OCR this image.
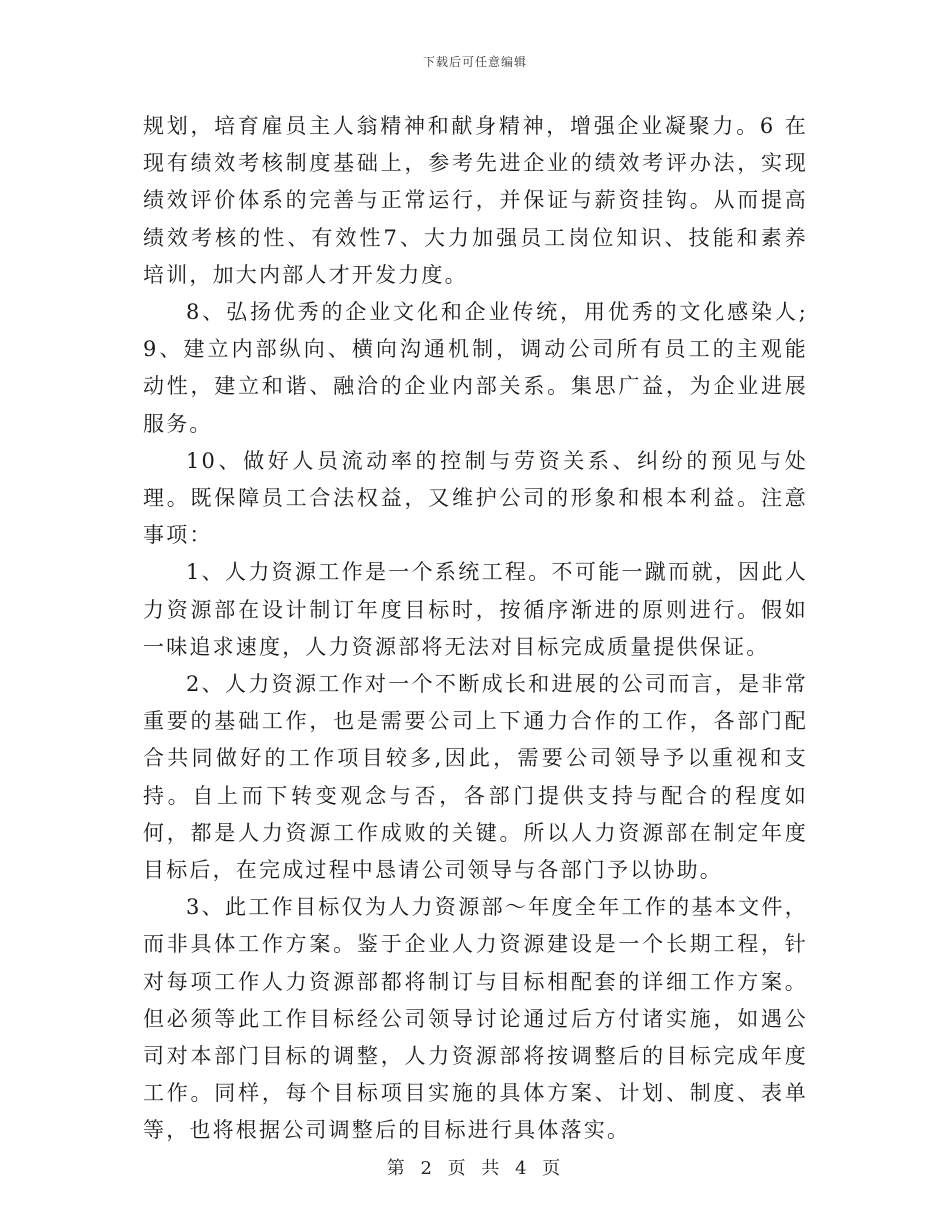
下载后可任意编辑

规划，培育雇员主人翁精神和献身精神，增强企业凝聚力。6 在现有绩效考核制度基础上，参考先进企业的绩效考评办法，实现绩效评价体系的完善与正常运行，并保证与薪资挂钩。从而提高绩效考核的性、有效性7、大力加强员工岗位知识、技能和素养培训，加大内部人才开发力度。

8、弘扬优秀的企业文化和企业传统，用优秀的文化感染人;9、建立内部纵向、横向沟通机制，调动公司所有员工的主观能动性，建立和谐、融洽的企业内部关系。集思广益，为企业进展服务。

10、做好人员流动率的控制与劳资关系、纠纷的预见与处理。既保障员工合法权益，又维护公司的形象和根本利益。注意事项：

1、人力资源工作是一个系统工程。不可能一蹴而就，因此人力资源部在设计制订年度目标时，按循序渐进的原则进行。假如一味追求速度，人力资源部将无法对目标完成质量提供保证。

2、人力资源工作对一个不断成长和进展的公司而言，是非常重要的基础工作，也是需要公司上下通力合作的工作，各部门配合共同做好的工作项目较多,因此，需要公司领导予以重视和支持。自上而下转变观念与否，各部门提供支持与配合的程度如何，都是人力资源工作成败的关键。所以人力资源部在制定年度目标后，在完成过程中恳请公司领导与各部门予以协助。

3、此工作目标仅为人力资源部～年度全年工作的基本文件，而非具体工作方案。鉴于企业人力资源建设是一个长期工程，针对每项工作人力资源部都将制订与目标相配套的详细工作方案。但必须等此工作目标经公司领导讨论通过后方付诸实施，如遇公司对本部门目标的调整，人力资源部将按调整后的目标完成年度工作。同样，每个目标项目实施的具体方案、计划、制度、表单等，也将根据公司调整后的目标进行具体落实。

第 2 页 共 4 页
